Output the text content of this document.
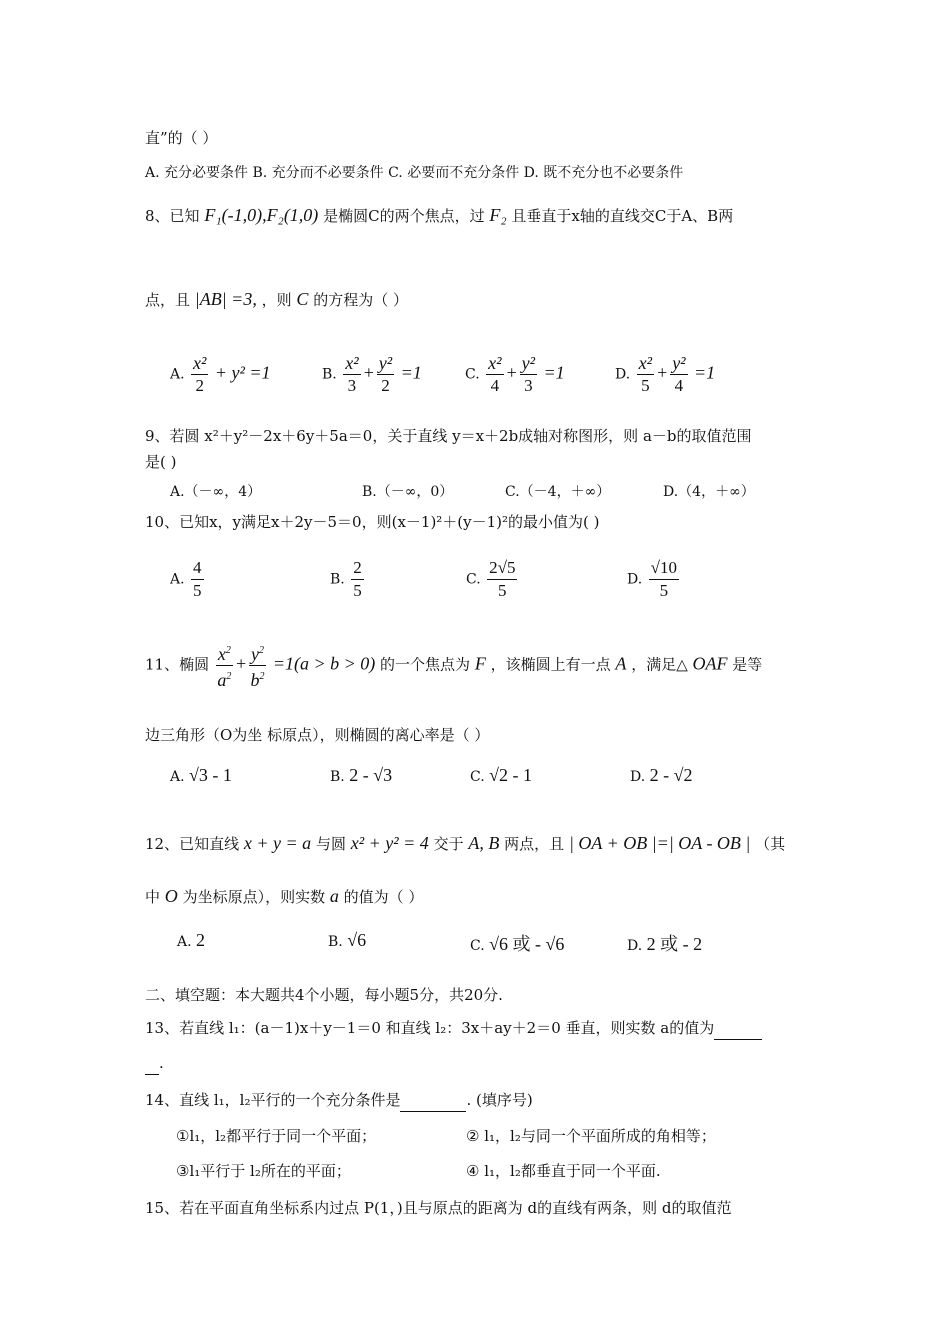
直”的（ ）
A. 充分必要条件 B. 充分而不必要条件 C. 必要而不充分条件 D. 既不充分也不必要条件
8、已知 F₁(-1,0),F₂(1,0) 是椭圆C的两个焦点，过 F₂ 且垂直于x轴的直线交C于A、B两
点，且 |AB| =3, ，则 C 的方程为（ ）
A. $\frac{\text{x²}}{2} + y^2 =1$	B. $\frac{\text{x²}}{3} + \frac{\text{y²}}{2} =1$	C. $\frac{\text{x²}}{4} + \frac{\text{y²}}{3} =1$	D. $\frac{\text{x²}}{5} + \frac{\text{y²}}{4} =1$
9、若圆 x²＋y²－2x＋6y＋5a＝0，关于直线 y＝x＋2b成轴对称图形，则 a－b的取值范围
是( )
A.（－∞，4）	B.（－∞，0）	C.（－4，＋∞）	D.（4，＋∞）
10、已知x，y满足x＋2y－5＝0，则(x－1)²＋(y－1)²的最小值为( )
A. $\frac{4}{5}$	B. $\frac{2}{5}$	C. $\frac{2√5}{5}$	D. $\frac{√10}{5}$
11、椭圆 $\frac{x^2}{a^2} + \frac{y^2}{b^2} =1(a > b > 0)$ 的一个焦点为 F ，该椭圆上有一点 A ，满足△ OAF 是等
边三角形（O为坐 标原点），则椭圆的离心率是（ ）
A. √3 - 1	B. 2 - √3	C. √2 - 1	D. 2 - √2
12、已知直线 x + y = a 与圆 x² + y² = 4 交于 A, B 两点，且 | OA + OB |=| OA - OB | （其
中 O 为坐标原点），则实数 a 的值为（ ）
A. 2	B. √6	C. √6 或 - √6	D. 2 或 - 2
二、填空题：本大题共4个小题，每小题5分，共20分.
13、若直线 l₁：(a－1)x＋y－1＝0 和直线 l₂：3x＋ay＋2＝0 垂直，则实数 a的值为
.
14、直线 l₁，l₂平行的一个充分条件是	. (填序号)
①l₁，l₂都平行于同一个平面；	② l₁，l₂与同一个平面所成的角相等；
③l₁平行于 l₂所在的平面；	④ l₁，l₂都垂直于同一个平面.
15、若在平面直角坐标系内过点 P(1，)且与原点的距离为 d的直线有两条，则 d的取值范
